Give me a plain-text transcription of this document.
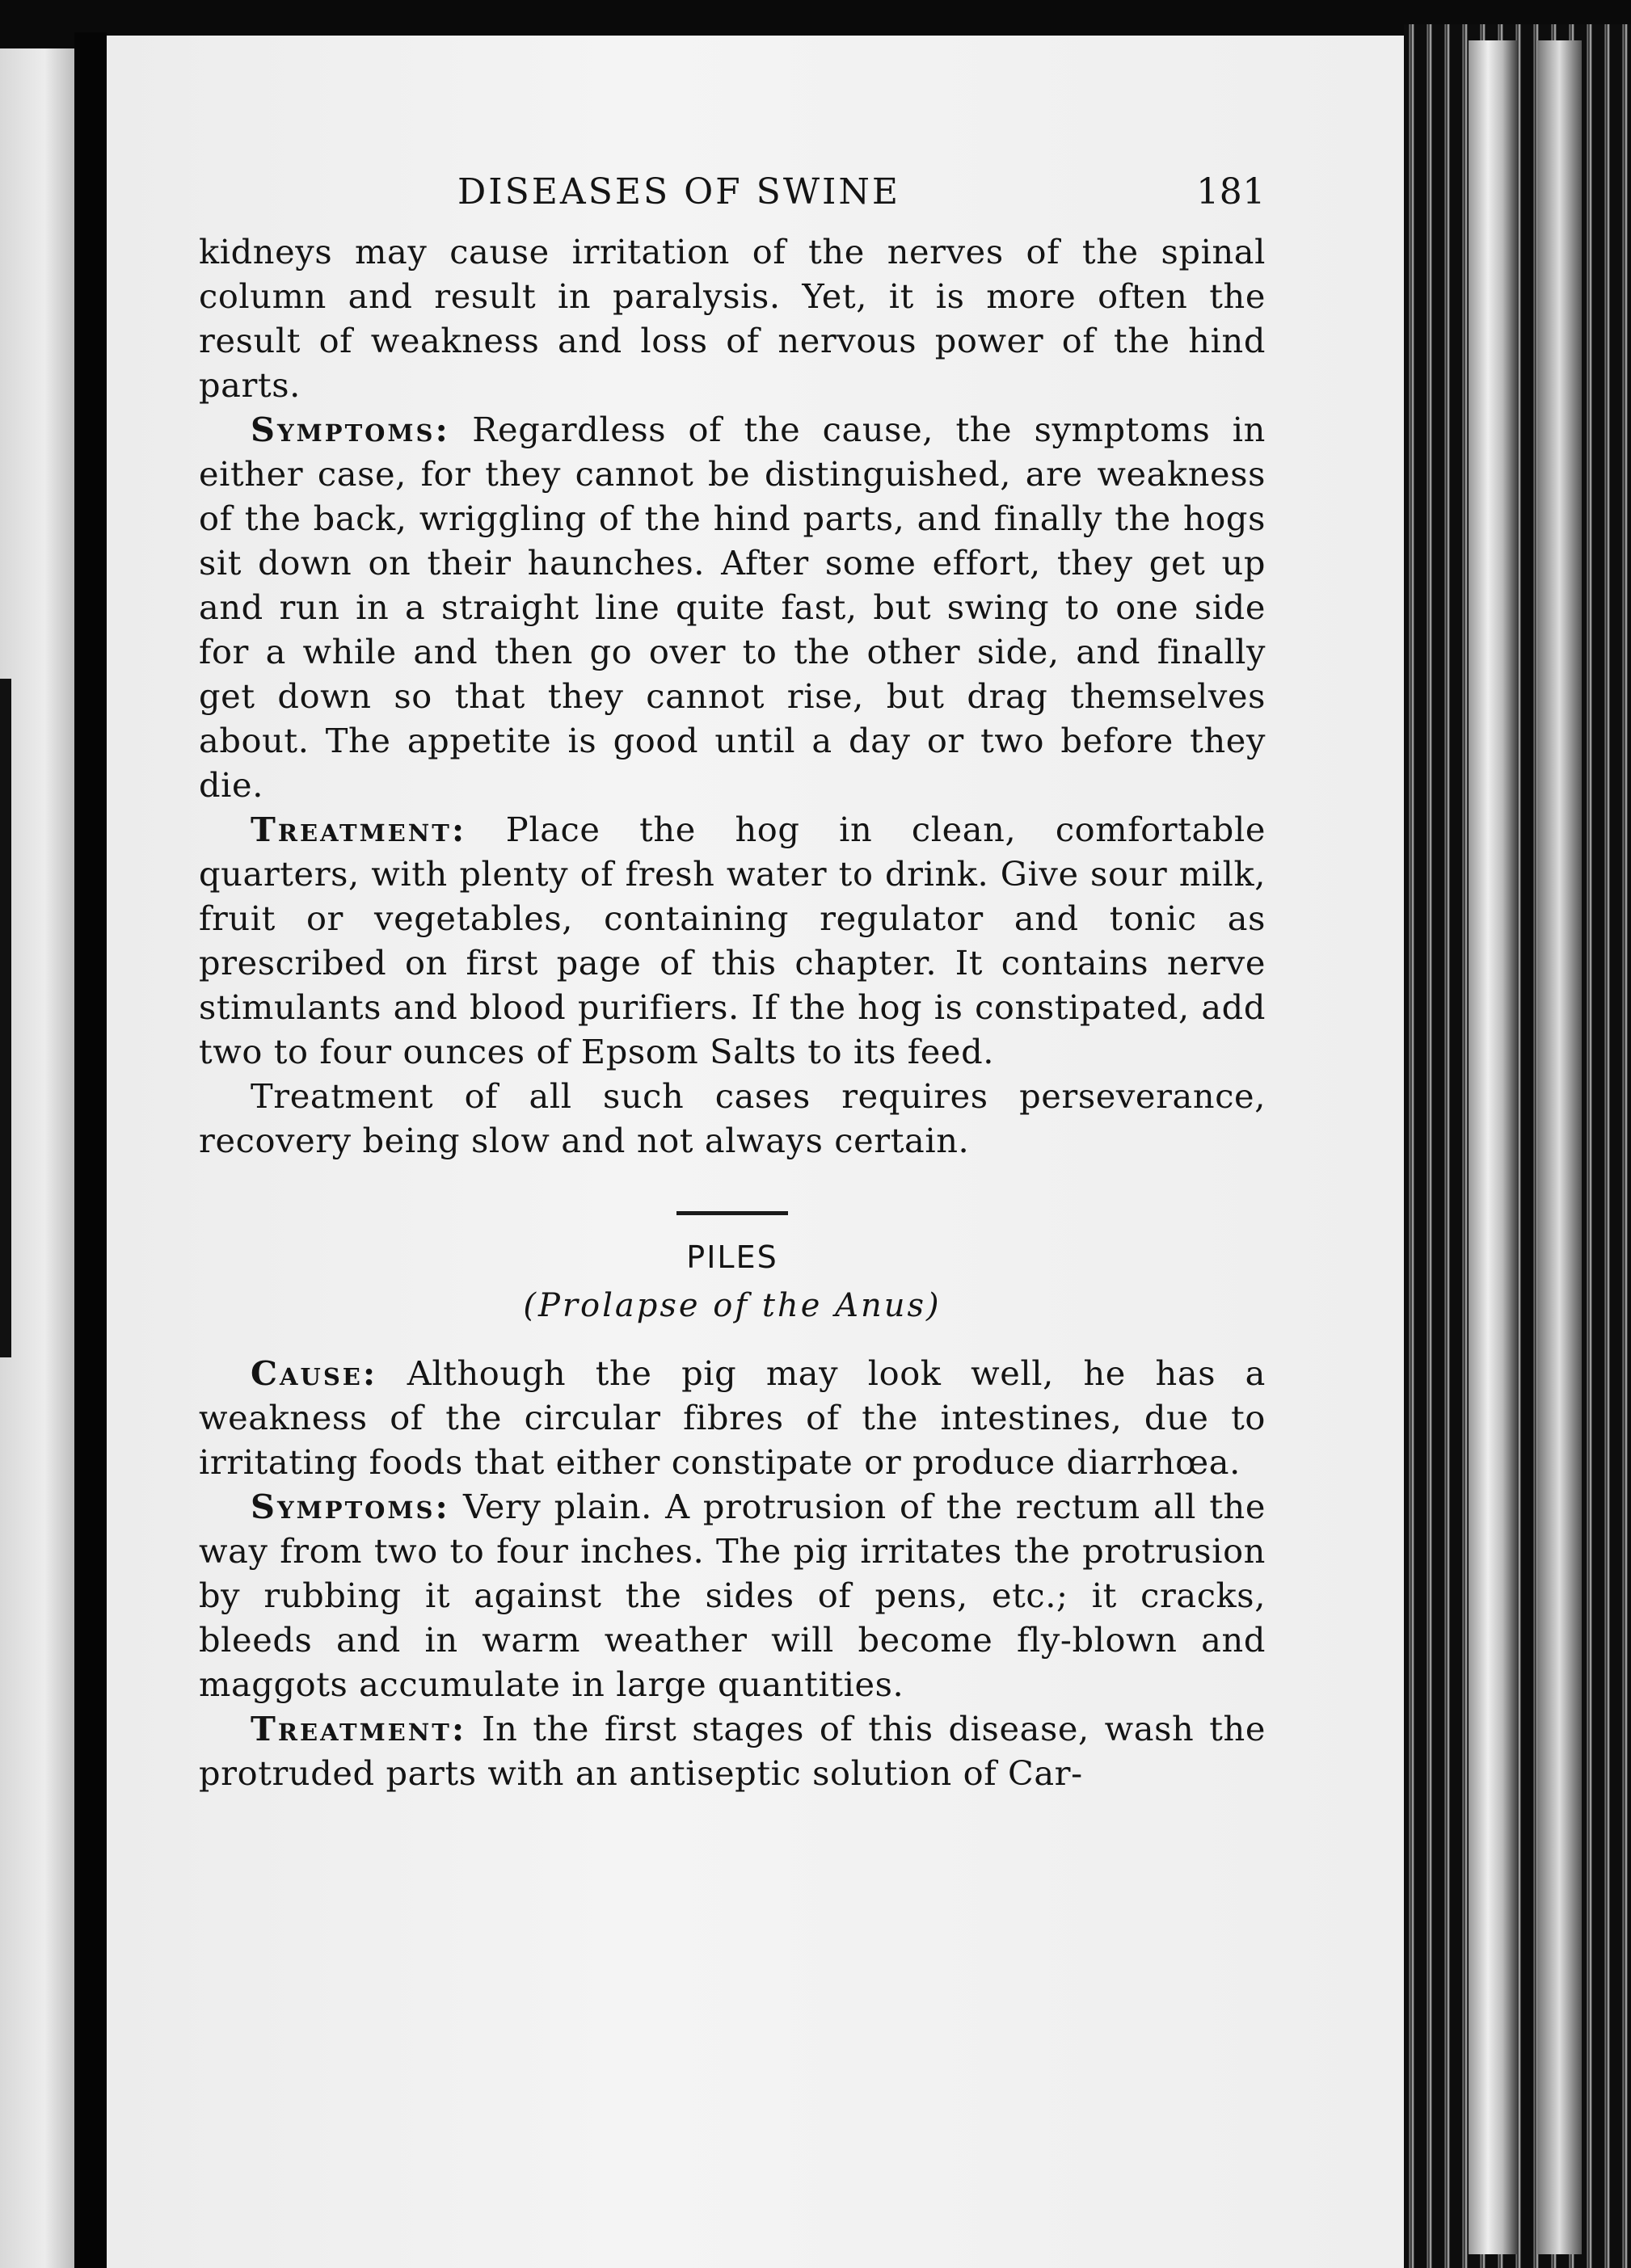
DISEASES OF SWINE	181

kidneys may cause irritation of the nerves of the spinal column and result in paralysis. Yet, it is more often the result of weakness and loss of nervous power of the hind parts.

Symptoms: Regardless of the cause, the symptoms in either case, for they cannot be distinguished, are weakness of the back, wriggling of the hind parts, and finally the hogs sit down on their haunches. After some effort, they get up and run in a straight line quite fast, but swing to one side for a while and then go over to the other side, and finally get down so that they cannot rise, but drag themselves about. The appetite is good until a day or two before they die.

Treatment: Place the hog in clean, comfortable quarters, with plenty of fresh water to drink. Give sour milk, fruit or vegetables, containing regulator and tonic as prescribed on first page of this chapter. It contains nerve stimulants and blood purifiers. If the hog is constipated, add two to four ounces of Epsom Salts to its feed.

Treatment of all such cases requires perseverance, recovery being slow and not always certain.

PILES
(Prolapse of the Anus)

Cause: Although the pig may look well, he has a weakness of the circular fibres of the intestines, due to irritating foods that either constipate or produce diarrhœa.

Symptoms: Very plain. A protrusion of the rectum all the way from two to four inches. The pig irritates the protrusion by rubbing it against the sides of pens, etc.; it cracks, bleeds and in warm weather will become fly-blown and maggots accumulate in large quantities.

Treatment: In the first stages of this disease, wash the protruded parts with an antiseptic solution of Car-
